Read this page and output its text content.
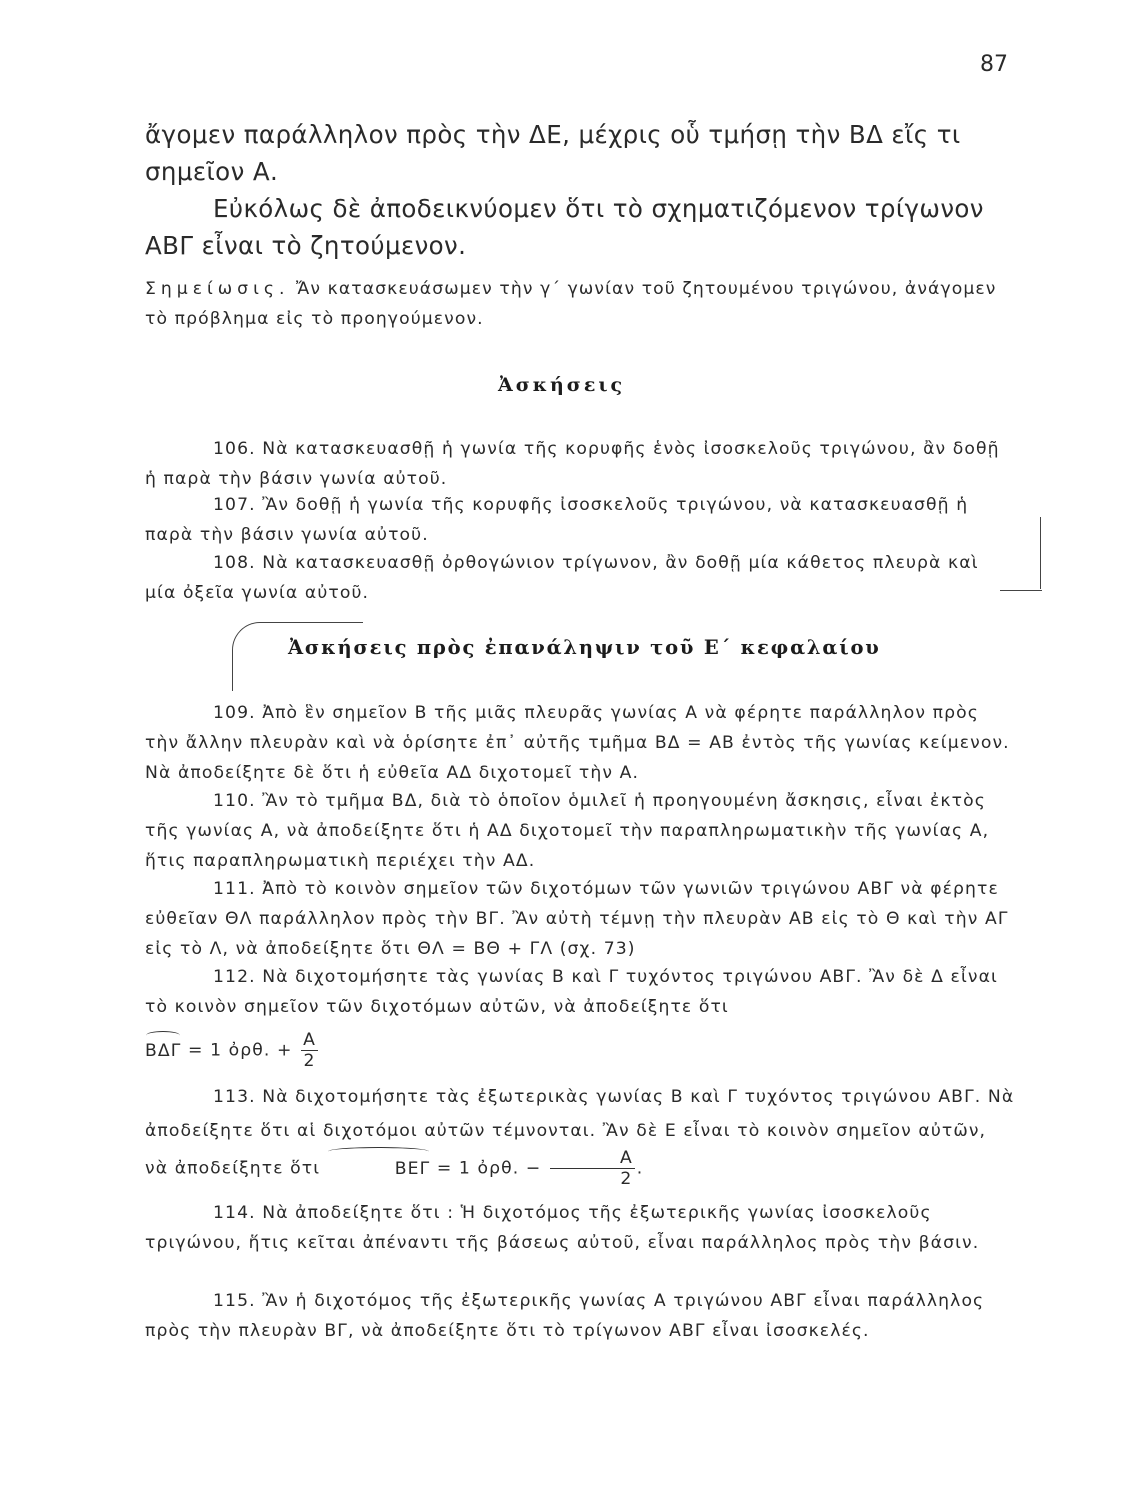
87

ἄγομεν παράλληλον πρὸς τὴν ΔΕ, μέχρις οὗ τμήσῃ τὴν ΒΔ εἴς τι σημεῖον Α.

Εὐκόλως δὲ ἀποδεικνύομεν ὅτι τὸ σχηματιζόμενον τρίγωνον ΑΒΓ εἶναι τὸ ζητούμενον.

Σημείωσις. Ἄν κατασκευάσωμεν τὴν γ΄ γωνίαν τοῦ ζητουμένου τριγώνου, ἀνάγομεν τὸ πρόβλημα εἰς τὸ προηγούμενον.

Ἀσκήσεις

106. Νὰ κατασκευασθῇ ἡ γωνία τῆς κορυφῆς ἑνὸς ἰσοσκελοῦς τριγώνου, ἂν δοθῇ ἡ παρὰ τὴν βάσιν γωνία αὐτοῦ.

107. Ἂν δοθῇ ἡ γωνία τῆς κορυφῆς ἰσοσκελοῦς τριγώνου, νὰ κατασκευασθῇ ἡ παρὰ τὴν βάσιν γωνία αὐτοῦ.

108. Νὰ κατασκευασθῇ ὀρθογώνιον τρίγωνον, ἂν δοθῇ μία κάθετος πλευρὰ καὶ μία ὀξεῖα γωνία αὐτοῦ.

Ἀσκήσεις πρὸς ἐπανάληψιν τοῦ Ε΄ κεφαλαίου

109. Ἀπὸ ἓν σημεῖον Β τῆς μιᾶς πλευρᾶς γωνίας Α νὰ φέρητε παράλληλον πρὸς τὴν ἄλλην πλευρὰν καὶ νὰ ὁρίσητε ἐπ᾽ αὐτῆς τμῆμα ΒΔ = ΑΒ ἐντὸς τῆς γωνίας κείμενον. Νὰ ἀποδείξητε δὲ ὅτι ἡ εὐθεῖα ΑΔ διχοτομεῖ τὴν Α.

110. Ἂν τὸ τμῆμα ΒΔ, διὰ τὸ ὁποῖον ὁμιλεῖ ἡ προηγουμένη ἄσκησις, εἶναι ἐκτὸς τῆς γωνίας Α, νὰ ἀποδείξητε ὅτι ἡ ΑΔ διχοτομεῖ τὴν παραπληρωματικὴν τῆς γωνίας Α, ἥτις παραπληρωματικὴ περιέχει τὴν ΑΔ.

111. Ἀπὸ τὸ κοινὸν σημεῖον τῶν διχοτόμων τῶν γωνιῶν τριγώνου ΑΒΓ νὰ φέρητε εὐθεῖαν ΘΛ παράλληλον πρὸς τὴν ΒΓ. Ἂν αὐτὴ τέμνῃ τὴν πλευρὰν ΑΒ εἰς τὸ Θ καὶ τὴν ΑΓ εἰς τὸ Λ, νὰ ἀποδείξητε ὅτι ΘΛ = ΒΘ + ΓΛ (σχ. 73)

112. Νὰ διχοτομήσητε τὰς γωνίας Β καὶ Γ τυχόντος τριγώνου ΑΒΓ. Ἂν δὲ Δ εἶναι τὸ κοινὸν σημεῖον τῶν διχοτόμων αὐτῶν, νὰ ἀποδείξητε ὅτι

ΒΔΓ = 1 ὀρθ. + $\frac{A}{2}$

113. Νὰ διχοτομήσητε τὰς ἐξωτερικὰς γωνίας Β καὶ Γ τυχόντος τριγώνου ΑΒΓ. Νὰ ἀποδείξητε ὅτι αἱ διχοτόμοι αὐτῶν τέμνονται. Ἂν δὲ Ε εἶναι τὸ κοινὸν σημεῖον αὐτῶν, νὰ ἀποδείξητε ὅτι	ΒΕΓ = 1 ὀρθ. − $\frac{A}{2}$ .

114. Νὰ ἀποδείξητε ὅτι : Ἡ διχοτόμος τῆς ἐξωτερικῆς γωνίας ἰσοσκελοῦς τριγώνου, ἥτις κεῖται ἀπέναντι τῆς βάσεως αὐτοῦ, εἶναι παράλληλος πρὸς τὴν βάσιν.

115. Ἂν ἡ διχοτόμος τῆς ἐξωτερικῆς γωνίας Α τριγώνου ΑΒΓ εἶναι παράλληλος πρὸς τὴν πλευρὰν ΒΓ, νὰ ἀποδείξητε ὅτι τὸ τρίγωνον ΑΒΓ εἶναι ἰσοσκελές.
